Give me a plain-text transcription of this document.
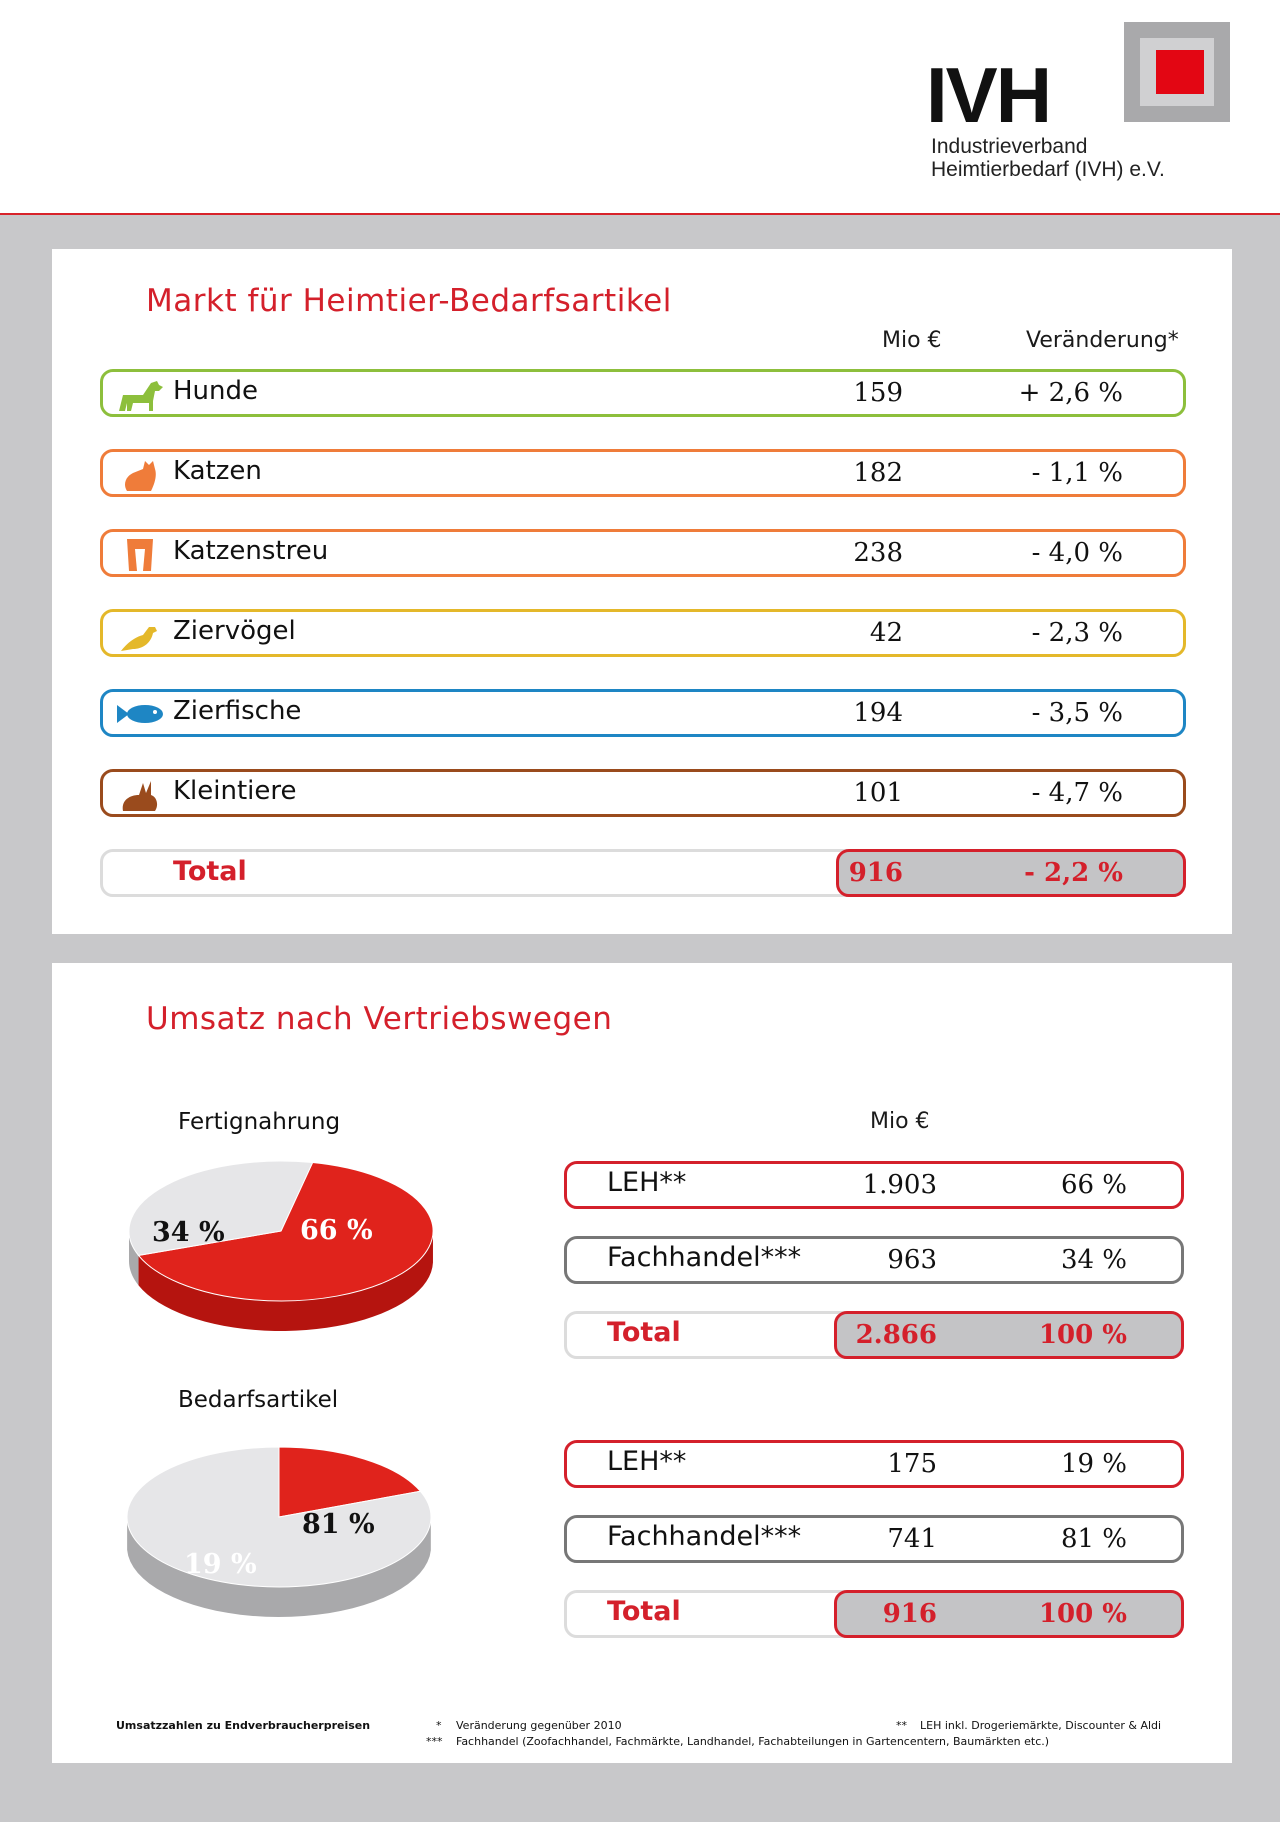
IVH
Industrieverband
Heimtierbedarf (IVH) e.V.
Markt für Heimtier-Bedarfsartikel
Mio €	Veränderung*
Hunde	159	+ 2,6 %
Katzen	182	- 1,1 %
Katzenstreu	238	- 4,0 %
Ziervögel	42	- 2,3 %
Zierfische	194	- 3,5 %
Kleintiere	101	- 4,7 %
Total	916	- 2,2 %
Umsatz nach Vertriebswegen
Mio €
Fertignahrung
34 %	66 %
LEH**	1.903	66 %
Fachhandel***	963	34 %
Total	2.866	100 %
Bedarfsartikel
81 %
19 %
LEH**	175	19 %
Fachhandel***	741	81 %
Total	916	100 %
Umsatzzahlen zu Endverbraucherpreisen	* Veränderung gegenüber 2010
*** Fachhandel (Zoofachhandel, Fachmärkte, Landhandel, Fachabteilungen in Gartencentern, Baumärkten etc.)
** LEH inkl. Drogeriemärkte, Discounter & Aldi
